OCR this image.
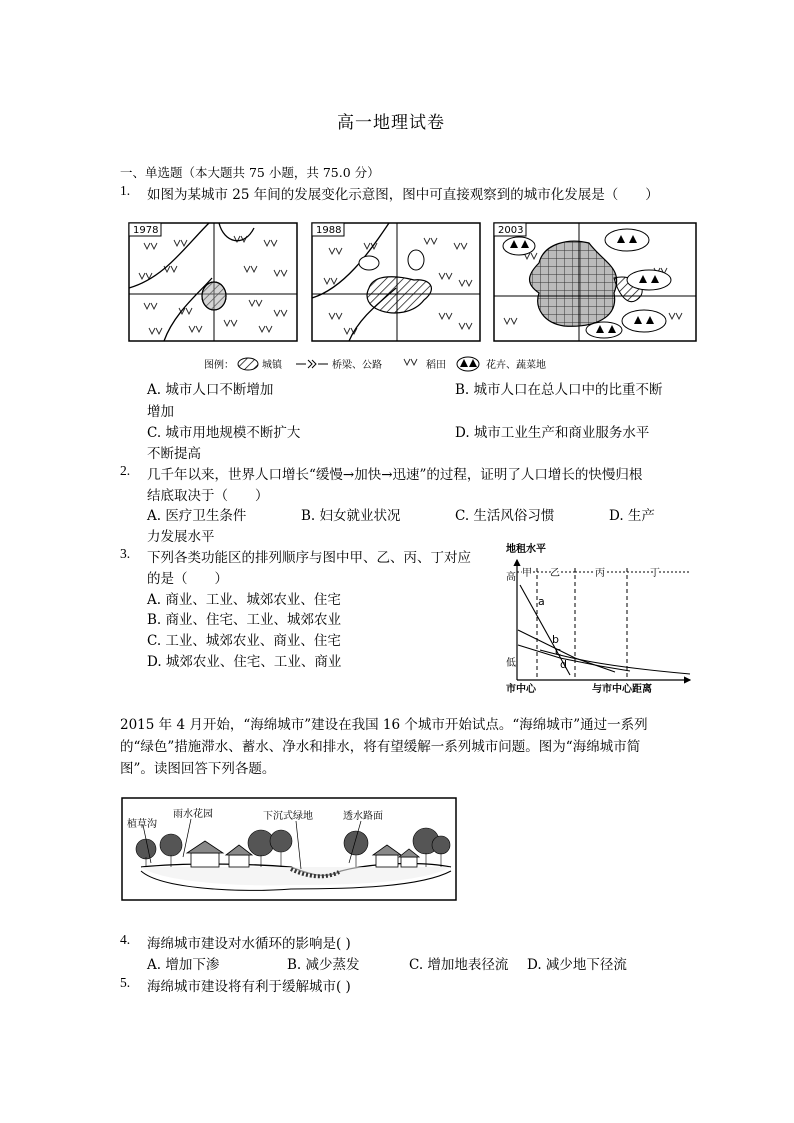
高一地理试卷
一、单选题（本大题共 75 小题，共 75.0 分）
1. 如图为某城市 25 年间的发展变化示意图，图中可直接观察到的城市化发展是（　　）
1978	1988	2003
图例：	城镇	桥梁、公路	稻田	花卉、蔬菜地
A. 城市人口不断增加	B. 城市人口在总人口中的比重不断
增加
C. 城市用地规模不断扩大	D. 城市工业生产和商业服务水平
不断提高
2. 几千年以来，世界人口增长“缓慢→加快→迅速”的过程，证明了人口增长的快慢归根
结底取决于（　　）
A. 医疗卫生条件	B. 妇女就业状况	C. 生活风俗习惯	D. 生产
力发展水平
3. 下列各类功能区的排列顺序与图中甲、乙、丙、丁对应
的是（　　）
A. 商业、工业、城郊农业、住宅
B. 商业、住宅、工业、城郊农业
C. 工业、城郊农业、商业、住宅
D. 城郊农业、住宅、工业、商业
地租水平
高
低
市中心	与市中心距离
甲 乙	丙	丁
a
b
c
d
2015 年 4 月开始，“海绵城市”建设在我国 16 个城市开始试点。“海绵城市”通过一系列
的“绿色”措施滞水、蓄水、净水和排水，将有望缓解一系列城市问题。图为“海绵城市简
图”。读图回答下列各题。
植草沟
雨水花园	下沉式绿地	透水路面
4. 海绵城市建设对水循环的影响是( )
A. 增加下渗	B. 减少蒸发	C. 增加地表径流 D. 减少地下径流
5. 海绵城市建设将有利于缓解城市( )
